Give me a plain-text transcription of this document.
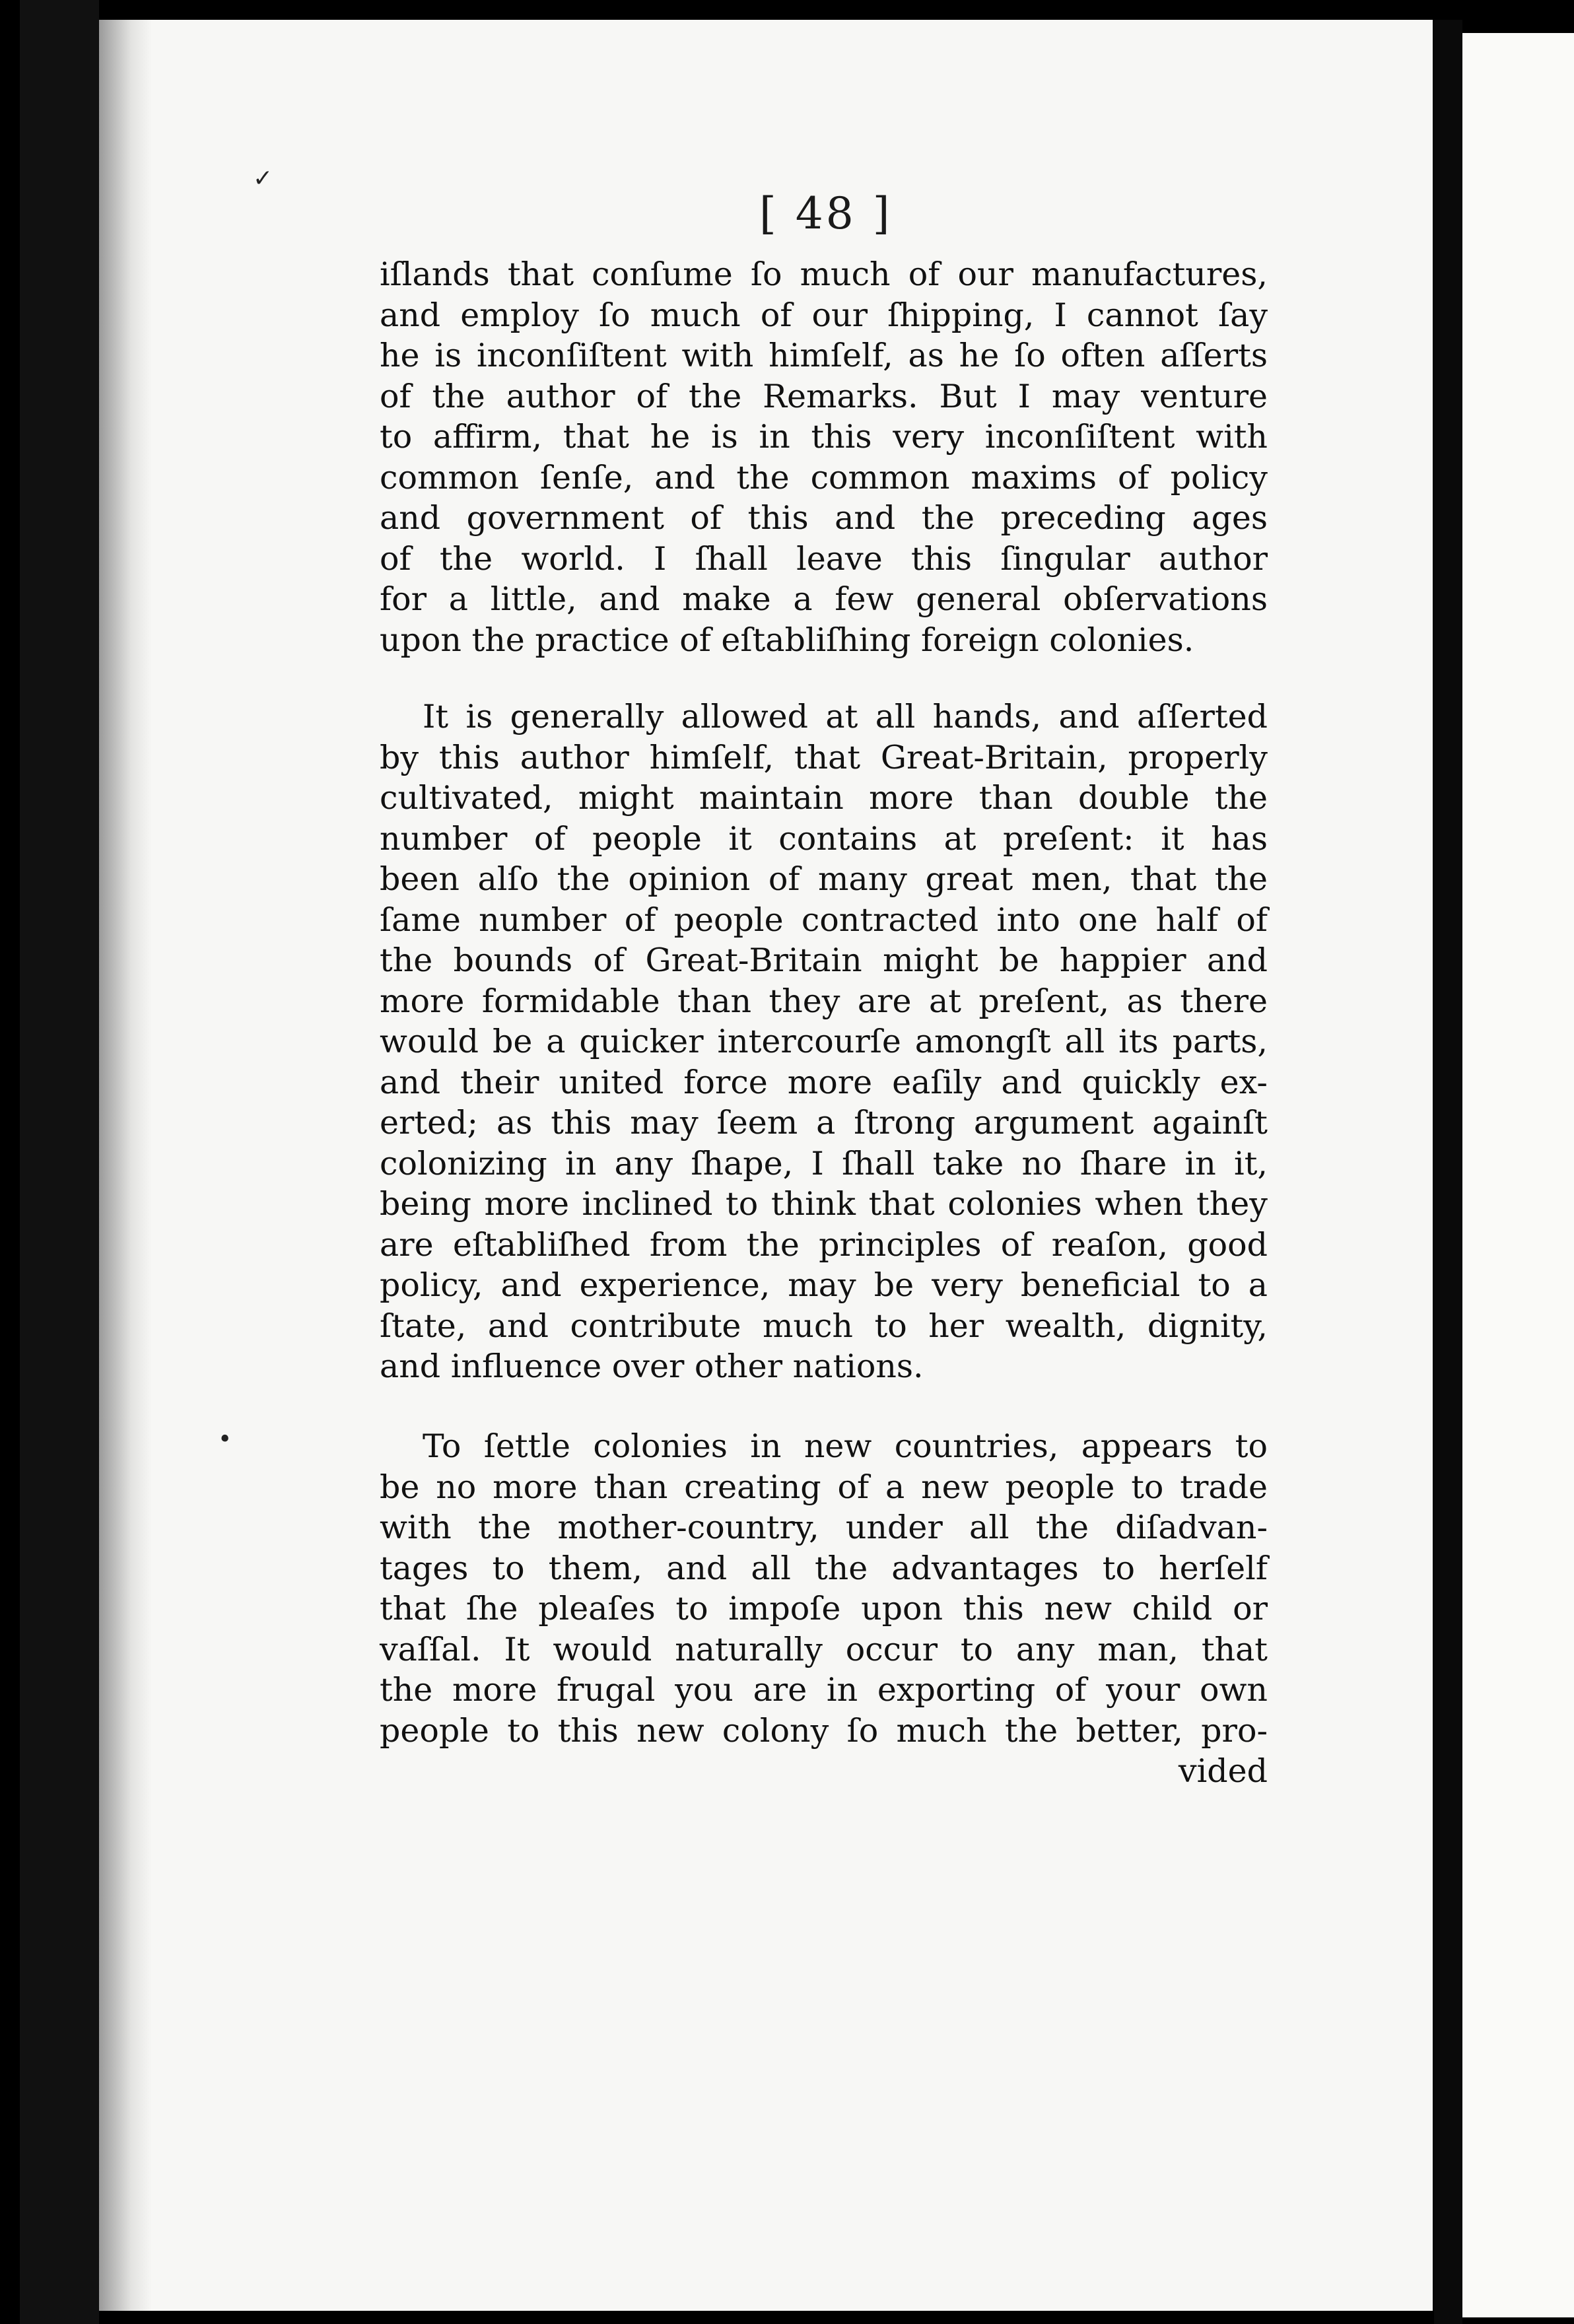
✓
•
[ 48 ]
iſlands that conſume ſo much of our manufactures,
and employ ſo much of our ſhipping, I cannot ſay
he is inconſiſtent with himſelf, as he ſo often aſſerts
of the author of the Remarks. But I may venture
to affirm, that he is in this very inconſiſtent with
common ſenſe, and the common maxims of policy
and government of this and the preceding ages
of the world. I ſhall leave this ſingular author
for a little, and make a few general obſervations
upon the practice of eſtabliſhing foreign colonies.
It is generally allowed at all hands, and aſſerted
by this author himſelf, that Great-Britain, properly
cultivated, might maintain more than double the
number of people it contains at preſent: it has
been alſo the opinion of many great men, that the
ſame number of people contracted into one half of
the bounds of Great-Britain might be happier and
more formidable than they are at preſent, as there
would be a quicker intercourſe amongſt all its parts,
and their united force more eaſily and quickly ex-
erted; as this may ſeem a ſtrong argument againſt
colonizing in any ſhape, I ſhall take no ſhare in it,
being more inclined to think that colonies when they
are eſtabliſhed from the principles of reaſon, good
policy, and experience, may be very beneficial to a
ſtate, and contribute much to her wealth, dignity,
and influence over other nations.
To ſettle colonies in new countries, appears to
be no more than creating of a new people to trade
with the mother-country, under all the diſadvan-
tages to them, and all the advantages to herſelf
that ſhe pleaſes to impoſe upon this new child or
vaſſal. It would naturally occur to any man, that
the more frugal you are in exporting of your own
people to this new colony ſo much the better, pro-
vided
